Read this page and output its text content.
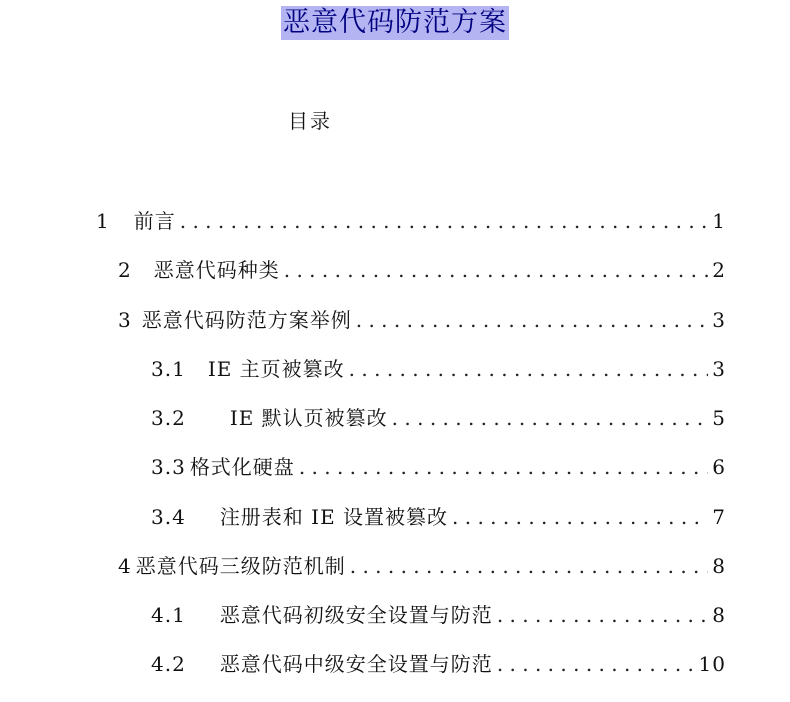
恶意代码防范方案
目录
1 前言 . . .	1
2 恶意代码种类 . . .	2
3 恶意代码防范方案举例 . . .	3
3.1 IE 主页被篡改 . . .	3
3.2 IE 默认页被篡改 . . .	5
3.3 格式化硬盘 . . .	6
3.4 注册表和 IE 设置被篡改 . . .	7
4 恶意代码三级防范机制 . . .	8
4.1 恶意代码初级安全设置与防范 . . .	8
4.2 恶意代码中级安全设置与防范 . . .	10
